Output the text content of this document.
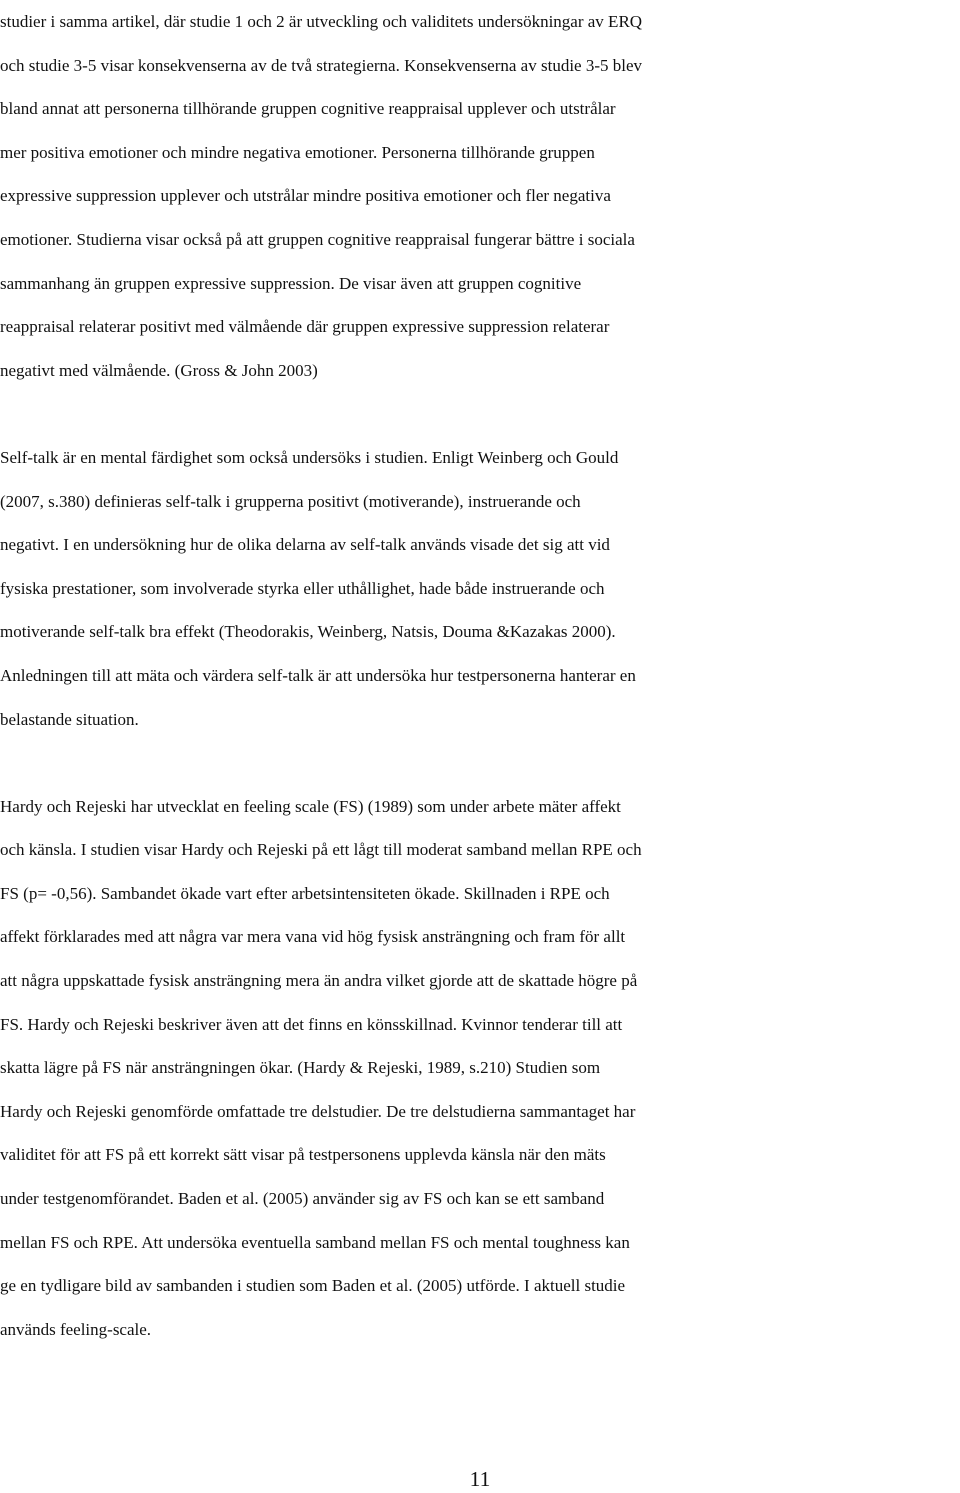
studier i samma artikel, där studie 1 och 2 är utveckling och validitets undersökningar av ERQ
och studie 3-5 visar konsekvenserna av de två strategierna. Konsekvenserna av studie 3-5 blev
bland annat att personerna tillhörande gruppen cognitive reappraisal upplever och utstrålar
mer positiva emotioner och mindre negativa emotioner. Personerna tillhörande gruppen
expressive suppression upplever och utstrålar mindre positiva emotioner och fler negativa
emotioner. Studierna visar också på att gruppen cognitive reappraisal fungerar bättre i sociala
sammanhang än gruppen expressive suppression. De visar även att gruppen cognitive
reappraisal relaterar positivt med välmående där gruppen expressive suppression relaterar
negativt med välmående. (Gross & John 2003)

Self-talk är en mental färdighet som också undersöks i studien. Enligt Weinberg och Gould
(2007, s.380) definieras self-talk i grupperna positivt (motiverande), instruerande och
negativt. I en undersökning hur de olika delarna av self-talk används visade det sig att vid
fysiska prestationer, som involverade styrka eller uthållighet, hade både instruerande och
motiverande self-talk bra effekt (Theodorakis, Weinberg, Natsis, Douma &Kazakas 2000).
Anledningen till att mäta och värdera self-talk är att undersöka hur testpersonerna hanterar en
belastande situation.

Hardy och Rejeski har utvecklat en feeling scale (FS) (1989) som under arbete mäter affekt
och känsla. I studien visar Hardy och Rejeski på ett lågt till moderat samband mellan RPE och
FS (p= -0,56). Sambandet ökade vart efter arbetsintensiteten ökade. Skillnaden i RPE och
affekt förklarades med att några var mera vana vid hög fysisk ansträngning och fram för allt
att några uppskattade fysisk ansträngning mera än andra vilket gjorde att de skattade högre på
FS. Hardy och Rejeski beskriver även att det finns en könsskillnad. Kvinnor tenderar till att
skatta lägre på FS när ansträngningen ökar. (Hardy & Rejeski, 1989, s.210) Studien som
Hardy och Rejeski genomförde omfattade tre delstudier. De tre delstudierna sammantaget har
validitet för att FS på ett korrekt sätt visar på testpersonens upplevda känsla när den mäts
under testgenomförandet. Baden et al. (2005) använder sig av FS och kan se ett samband
mellan FS och RPE. Att undersöka eventuella samband mellan FS och mental toughness kan
ge en tydligare bild av sambanden i studien som Baden et al. (2005) utförde. I aktuell studie
används feeling-scale.

11
